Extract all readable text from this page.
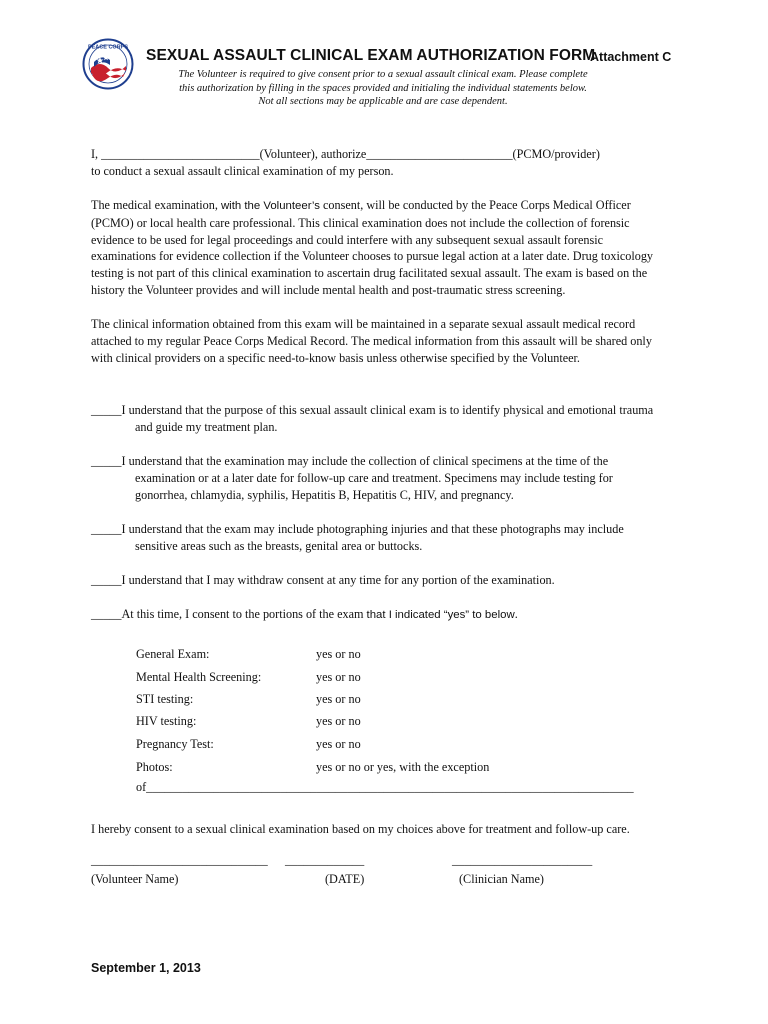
PEACE CORPS SEXUAL ASSAULT CLINICAL EXAM AUTHORIZATION FORM
Attachment C
The Volunteer is required to give consent prior to a sexual assault clinical exam. Please complete
this authorization by filling in the spaces provided and initialing the individual statements below.
Not all sections may be applicable and are case dependent.
I, __________________________(Volunteer), authorize________________________(PCMO/provider)
to conduct a sexual assault clinical examination of my person.
The medical examination, with the Volunteer’s consent, will be conducted by the Peace Corps Medical Officer
(PCMO) or local health care professional. This clinical examination does not include the collection of forensic
evidence to be used for legal proceedings and could interfere with any subsequent sexual assault forensic
examinations for evidence collection if the Volunteer chooses to pursue legal action at a later date. Drug toxicology
testing is not part of this clinical examination to ascertain drug facilitated sexual assault. The exam is based on the
history the Volunteer provides and will include mental health and post-traumatic stress screening.
The clinical information obtained from this exam will be maintained in a separate sexual assault medical record
attached to my regular Peace Corps Medical Record. The medical information from this assault will be shared only
with clinical providers on a specific need-to-know basis unless otherwise specified by the Volunteer.
_____I understand that the purpose of this sexual assault clinical exam is to identify physical and emotional trauma
and guide my treatment plan.
_____I understand that the examination may include the collection of clinical specimens at the time of the
examination or at a later date for follow-up care and treatment. Specimens may include testing for
gonorrhea, chlamydia, syphilis, Hepatitis B, Hepatitis C, HIV, and pregnancy.
_____I understand that the exam may include photographing injuries and that these photographs may include
sensitive areas such as the breasts, genital area or buttocks.
_____I understand that I may withdraw consent at any time for any portion of the examination.
_____At this time, I consent to the portions of the exam that I indicated “yes” to below.
General Exam:	yes or no
Mental Health Screening:	yes or no
STI testing:	yes or no
HIV testing:	yes or no
Pregnancy Test:	yes or no
Photos:	yes or no or yes, with the exception
of________________________________________________________________________________
I hereby consent to a sexual clinical examination based on my choices above for treatment and follow-up care.
_____________________________ _____________	_______________________
(Volunteer Name)	(DATE)	(Clinician Name)
September 1, 2013
